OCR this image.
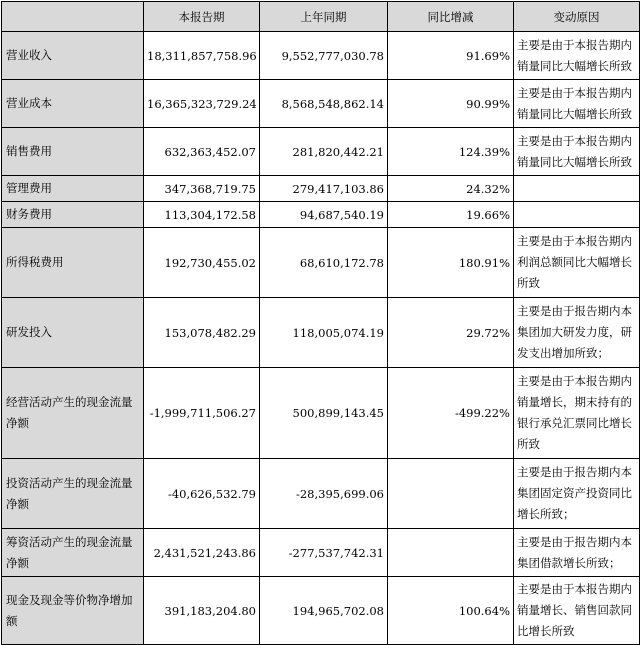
	本报告期	上年同期	同比增减	变动原因
营业收入	18,311,857,758.96	9,552,777,030.78	91.69%	主要是由于本报告期内销量同比大幅增长所致
营业成本	16,365,323,729.24	8,568,548,862.14	90.99%	主要是由于本报告期内销量同比大幅增长所致
销售费用	632,363,452.07	281,820,442.21	124.39%	主要是由于本报告期内销量同比大幅增长所致
管理费用	347,368,719.75	279,417,103.86	24.32%	
财务费用	113,304,172.58	94,687,540.19	19.66%	
所得税费用	192,730,455.02	68,610,172.78	180.91%	主要是由于本报告期内利润总额同比大幅增长所致
研发投入	153,078,482.29	118,005,074.19	29.72%	主要是由于报告期内本集团加大研发力度，研发支出增加所致；
经营活动产生的现金流量净额	-1,999,711,506.27	500,899,143.45	-499.22%	主要是由于本报告期内销量增长，期末持有的银行承兑汇票同比增长所致
投资活动产生的现金流量净额	-40,626,532.79	-28,395,699.06		主要是由于报告期内本集团固定资产投资同比增长所致；
筹资活动产生的现金流量净额	2,431,521,243.86	-277,537,742.31		主要是由于报告期内本集团借款增长所致；
现金及现金等价物净增加额	391,183,204.80	194,965,702.08	100.64%	主要是由于本报告期内销量增长、销售回款同比增长所致
